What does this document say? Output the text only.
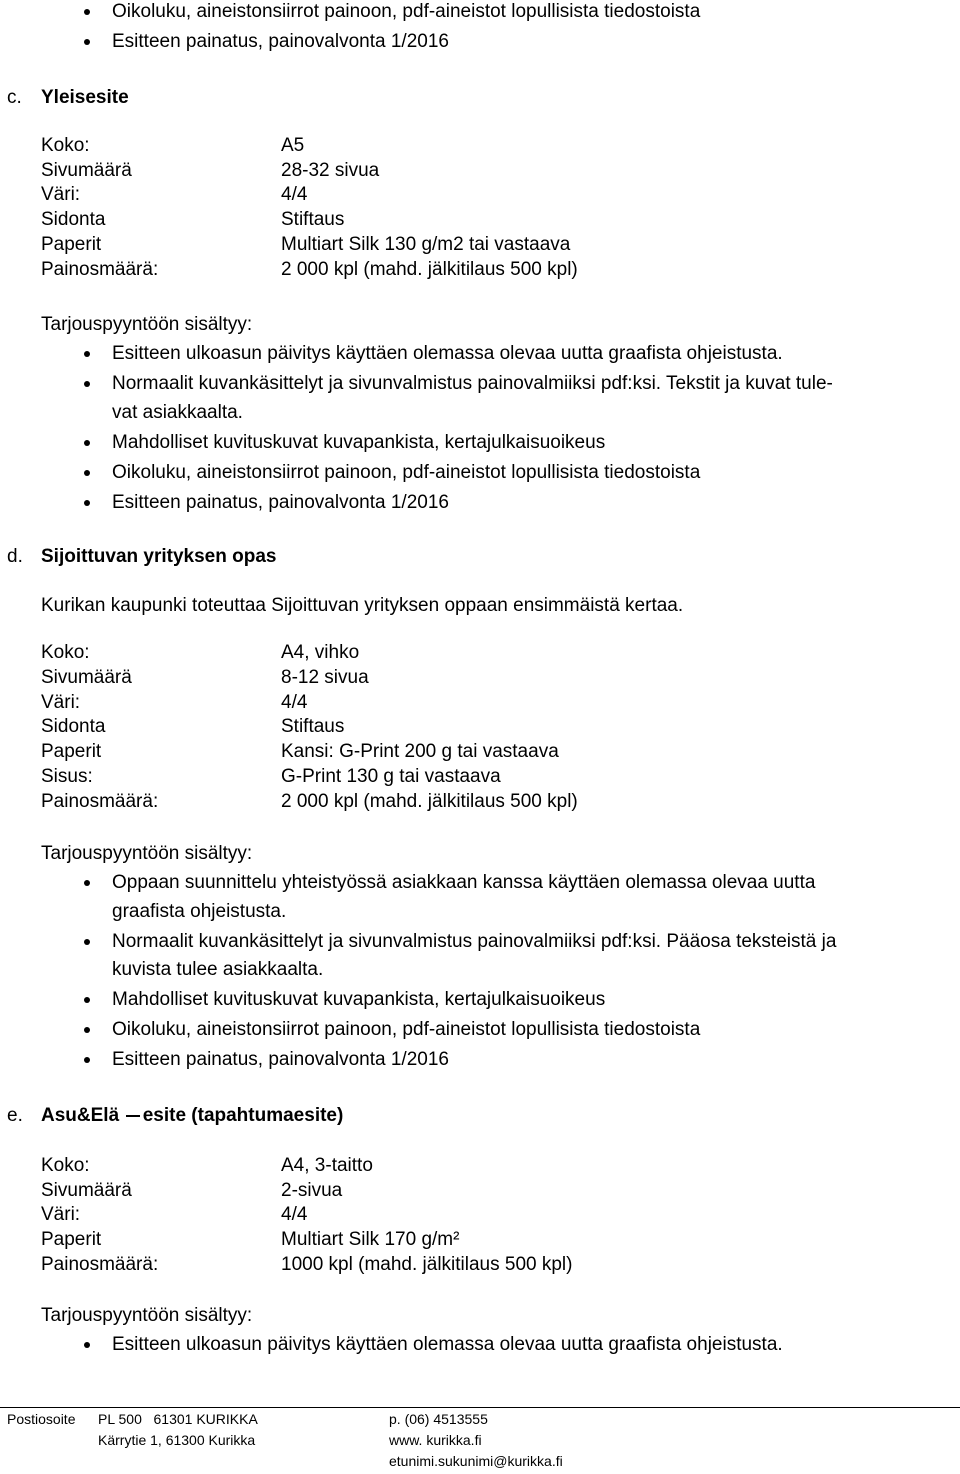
Oikoluku, aineistonsiirrot painoon, pdf-aineistot lopullisista tiedostoista
Esitteen painatus, painovalvonta 1/2016
c. Yleisesite
Koko:	A5
Sivumäärä	28-32 sivua
Väri:	4/4
Sidonta	Stiftaus
Paperit	Multiart Silk 130 g/m2 tai vastaava
Painosmäärä:	2 000 kpl (mahd. jälkitilaus 500 kpl)
Tarjouspyyntöön sisältyy:
Esitteen ulkoasun päivitys käyttäen olemassa olevaa uutta graafista ohjeistusta.
Normaalit kuvankäsittelyt ja sivunvalmistus painovalmiiksi pdf:ksi. Tekstit ja kuvat tule-
vat asiakkaalta.
Mahdolliset kuvituskuvat kuvapankista, kertajulkaisuoikeus
Oikoluku, aineistonsiirrot painoon, pdf-aineistot lopullisista tiedostoista
Esitteen painatus, painovalvonta 1/2016
d. Sijoittuvan yrityksen opas
Kurikan kaupunki toteuttaa Sijoittuvan yrityksen oppaan ensimmäistä kertaa.
Koko:	A4, vihko
Sivumäärä	8-12 sivua
Väri:	4/4
Sidonta	Stiftaus
Paperit	Kansi: G-Print 200 g tai vastaava
Sisus:	G-Print 130 g tai vastaava
Painosmäärä:	2 000 kpl (mahd. jälkitilaus 500 kpl)
Tarjouspyyntöön sisältyy:
Oppaan suunnittelu yhteistyössä asiakkaan kanssa käyttäen olemassa olevaa uutta
graafista ohjeistusta.
Normaalit kuvankäsittelyt ja sivunvalmistus painovalmiiksi pdf:ksi. Pääosa teksteistä ja
kuvista tulee asiakkaalta.
Mahdolliset kuvituskuvat kuvapankista, kertajulkaisuoikeus
Oikoluku, aineistonsiirrot painoon, pdf-aineistot lopullisista tiedostoista
Esitteen painatus, painovalvonta 1/2016
e. Asu&Elä esite (tapahtumaesite)
Koko:	A4, 3-taitto
Sivumäärä	2-sivua
Väri:	4/4
Paperit	Multiart Silk 170 g/m²
Painosmäärä:	1000 kpl (mahd. jälkitilaus 500 kpl)
Tarjouspyyntöön sisältyy:
Esitteen ulkoasun päivitys käyttäen olemassa olevaa uutta graafista ohjeistusta.
Postiosoite PL 500   61301 KURIKKA
Kärrytie 1, 61300 Kurikka
p. (06) 4513555
www. kurikka.fi
etunimi.sukunimi@kurikka.fi
